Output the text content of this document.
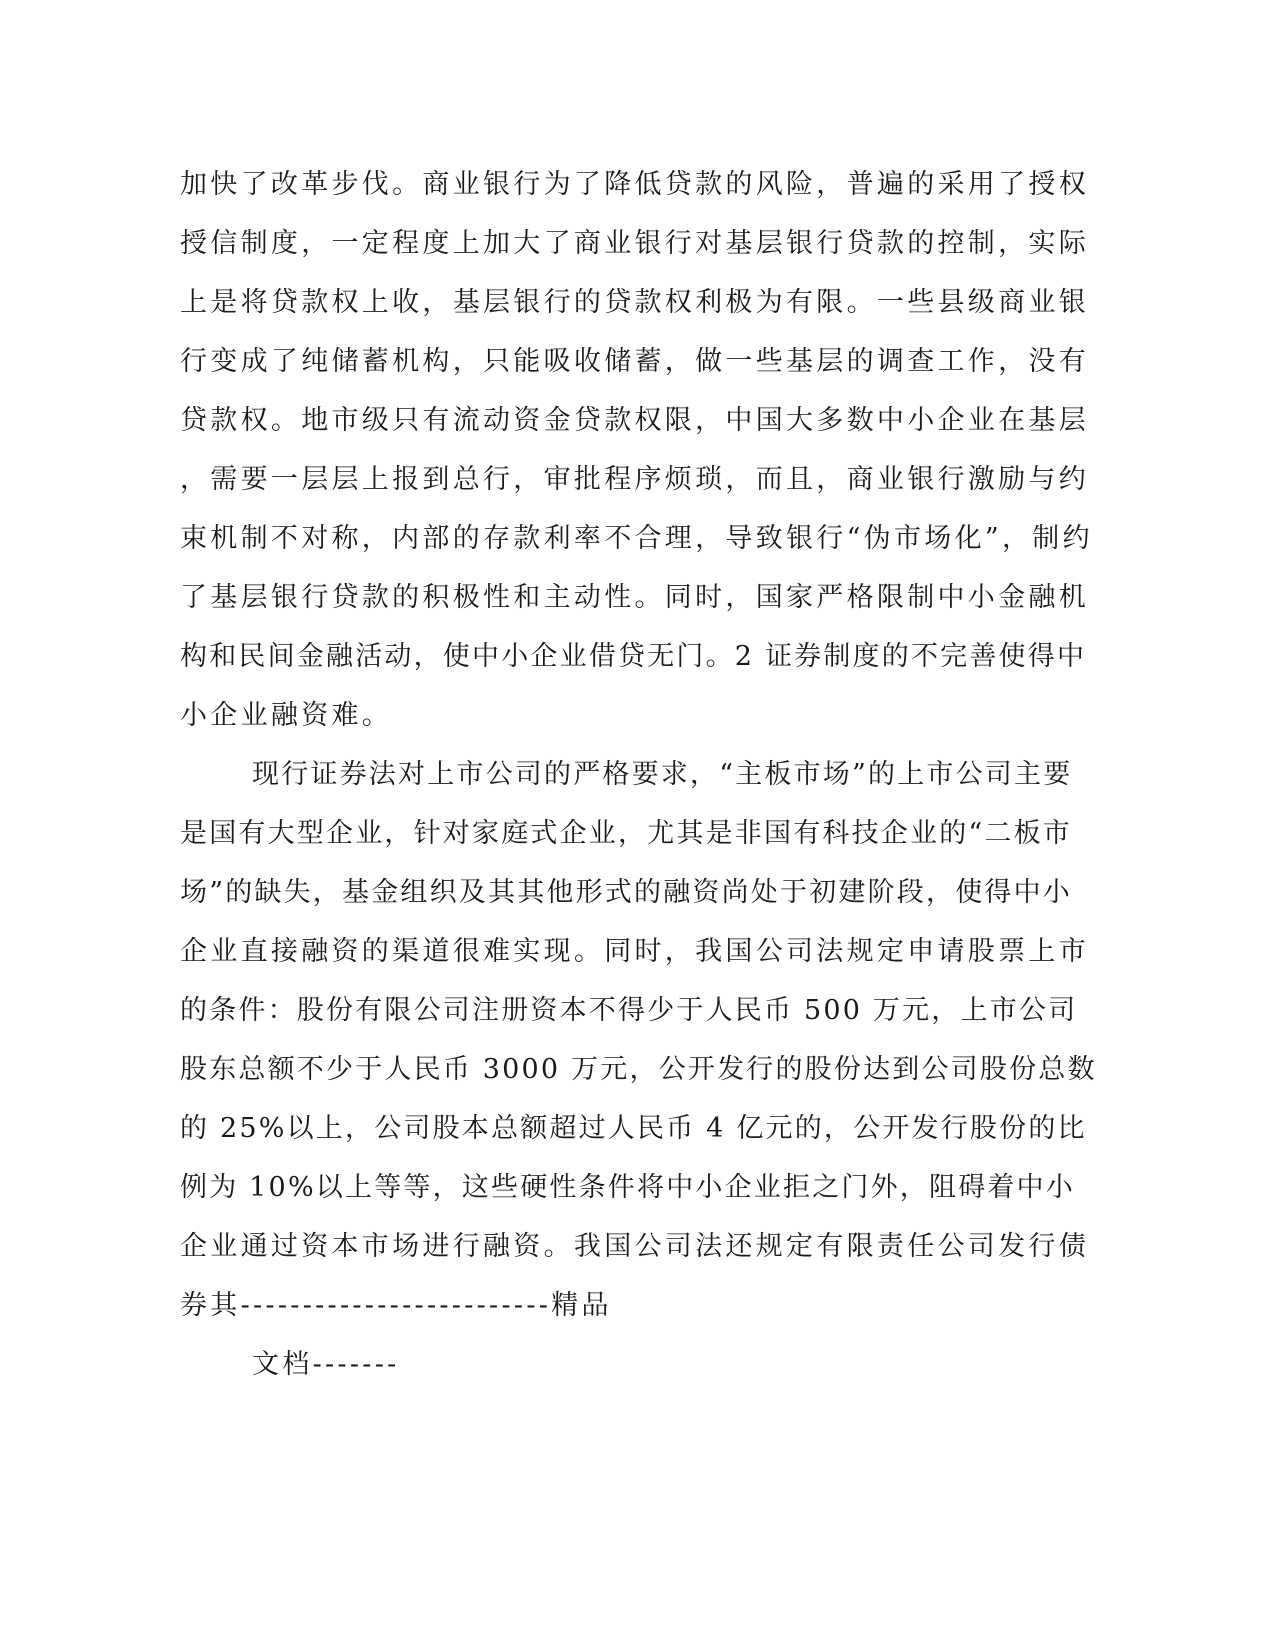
加快了改革步伐。商业银行为了降低贷款的风险，普遍的采用了授权
授信制度，一定程度上加大了商业银行对基层银行贷款的控制，实际
上是将贷款权上收，基层银行的贷款权利极为有限。一些县级商业银
行变成了纯储蓄机构，只能吸收储蓄，做一些基层的调查工作，没有
贷款权。地市级只有流动资金贷款权限，中国大多数中小企业在基层
，需要一层层上报到总行，审批程序烦琐，而且，商业银行激励与约
束机制不对称，内部的存款利率不合理，导致银行“伪市场化”，制约
了基层银行贷款的积极性和主动性。同时，国家严格限制中小金融机
构和民间金融活动，使中小企业借贷无门。2 证券制度的不完善使得中
小企业融资难。
现行证券法对上市公司的严格要求，“主板市场”的上市公司主要
是国有大型企业，针对家庭式企业，尤其是非国有科技企业的“二板市
场”的缺失，基金组织及其其他形式的融资尚处于初建阶段，使得中小
企业直接融资的渠道很难实现。同时，我国公司法规定申请股票上市
的条件：股份有限公司注册资本不得少于人民币 500 万元，上市公司
股东总额不少于人民币 3000 万元，公开发行的股份达到公司股份总数
的 25%以上，公司股本总额超过人民币 4 亿元的，公开发行股份的比
例为 10%以上等等，这些硬性条件将中小企业拒之门外，阻碍着中小
企业通过资本市场进行融资。我国公司法还规定有限责任公司发行债
券其-------------------------精品
文档-------
